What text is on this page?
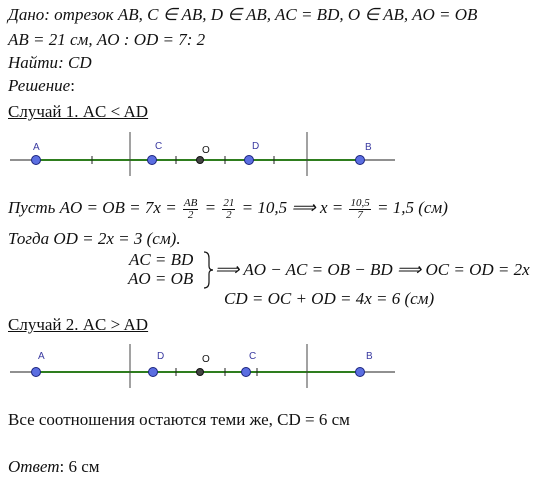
Дано: отрезок AB, C ∈ AB, D ∈ AB, AC = BD, O ∈ AB, AO = OB
AB = 21 см, AO : OD = 7: 2
Найти: CD
Решение:
Случай 1. AC < AD
A	C	O	D	B
Пусть AO = OB = $7x = \frac{AB}{2} = \frac{21}{2} = 10,5$ ⟹ $x = \frac{10,5}{7} = 1,5$ (см)
Тогда OD = 2x = 3 (см).
AC = BD
AO = OB ⟹ AO − AC = OB − BD ⟹ OC = OD = 2x
CD = OC + OD = 4x = 6 (см)
Случай 2. AC > AD
A	D	O	C	B
Все соотношения остаются теми же, CD = 6 см
Ответ: 6 см
